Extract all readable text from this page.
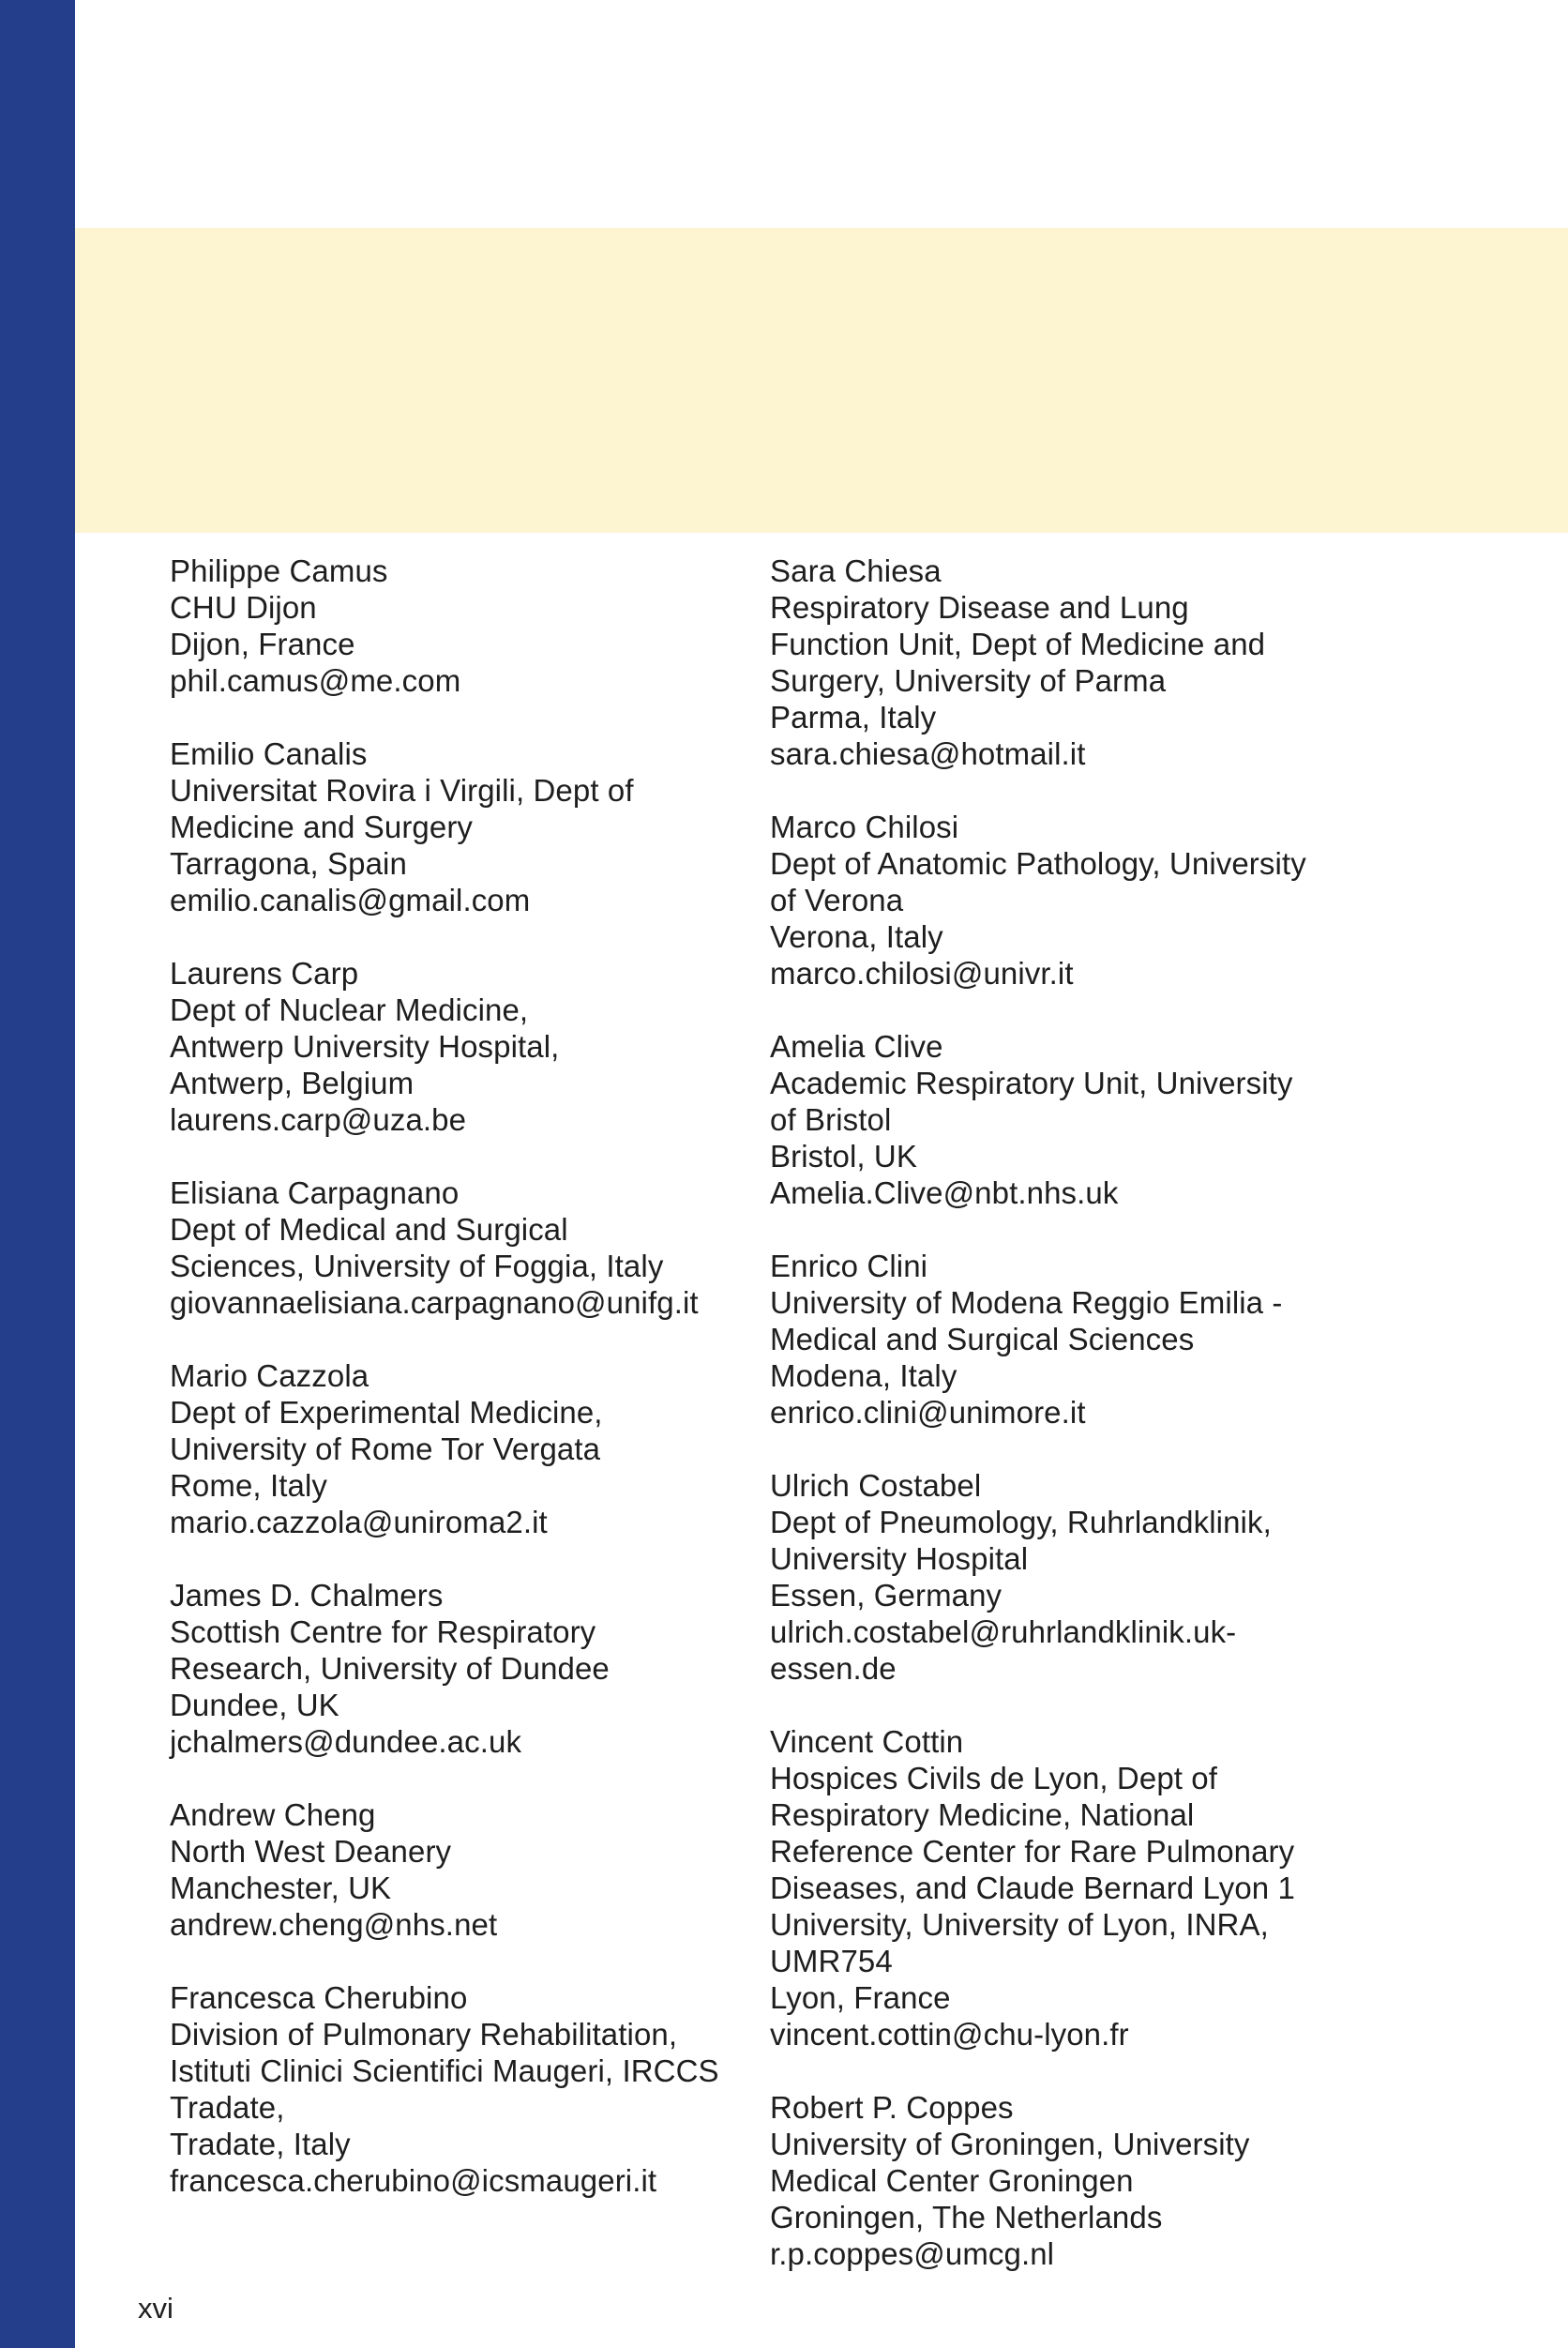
Philippe Camus
CHU Dijon
Dijon, France
phil.camus@me.com
Emilio Canalis
Universitat Rovira i Virgili, Dept of
Medicine and Surgery
Tarragona, Spain
emilio.canalis@gmail.com
Laurens Carp
Dept of Nuclear Medicine,
Antwerp University Hospital,
Antwerp, Belgium
laurens.carp@uza.be
Elisiana Carpagnano
Dept of Medical and Surgical
Sciences, University of Foggia, Italy
giovannaelisiana.carpagnano@unifg.it
Mario Cazzola
Dept of Experimental Medicine,
University of Rome Tor Vergata
Rome, Italy
mario.cazzola@uniroma2.it
James D. Chalmers
Scottish Centre for Respiratory
Research, University of Dundee
Dundee, UK
jchalmers@dundee.ac.uk
Andrew Cheng
North West Deanery
Manchester, UK
andrew.cheng@nhs.net
Francesca Cherubino
Division of Pulmonary Rehabilitation,
Istituti Clinici Scientifici Maugeri, IRCCS
Tradate,
Tradate, Italy
francesca.cherubino@icsmaugeri.it
Sara Chiesa
Respiratory Disease and Lung
Function Unit, Dept of Medicine and
Surgery, University of Parma
Parma, Italy
sara.chiesa@hotmail.it
Marco Chilosi
Dept of Anatomic Pathology, University
of Verona
Verona, Italy
marco.chilosi@univr.it
Amelia Clive
Academic Respiratory Unit, University
of Bristol
Bristol, UK
Amelia.Clive@nbt.nhs.uk
Enrico Clini
University of Modena Reggio Emilia -
Medical and Surgical Sciences
Modena, Italy
enrico.clini@unimore.it
Ulrich Costabel
Dept of Pneumology, Ruhrlandklinik,
University Hospital
Essen, Germany
ulrich.costabel@ruhrlandklinik.uk-
essen.de
Vincent Cottin
Hospices Civils de Lyon, Dept of
Respiratory Medicine, National
Reference Center for Rare Pulmonary
Diseases, and Claude Bernard Lyon 1
University, University of Lyon, INRA,
UMR754
Lyon, France
vincent.cottin@chu-lyon.fr
Robert P. Coppes
University of Groningen, University
Medical Center Groningen
Groningen, The Netherlands
r.p.coppes@umcg.nl
xvi
